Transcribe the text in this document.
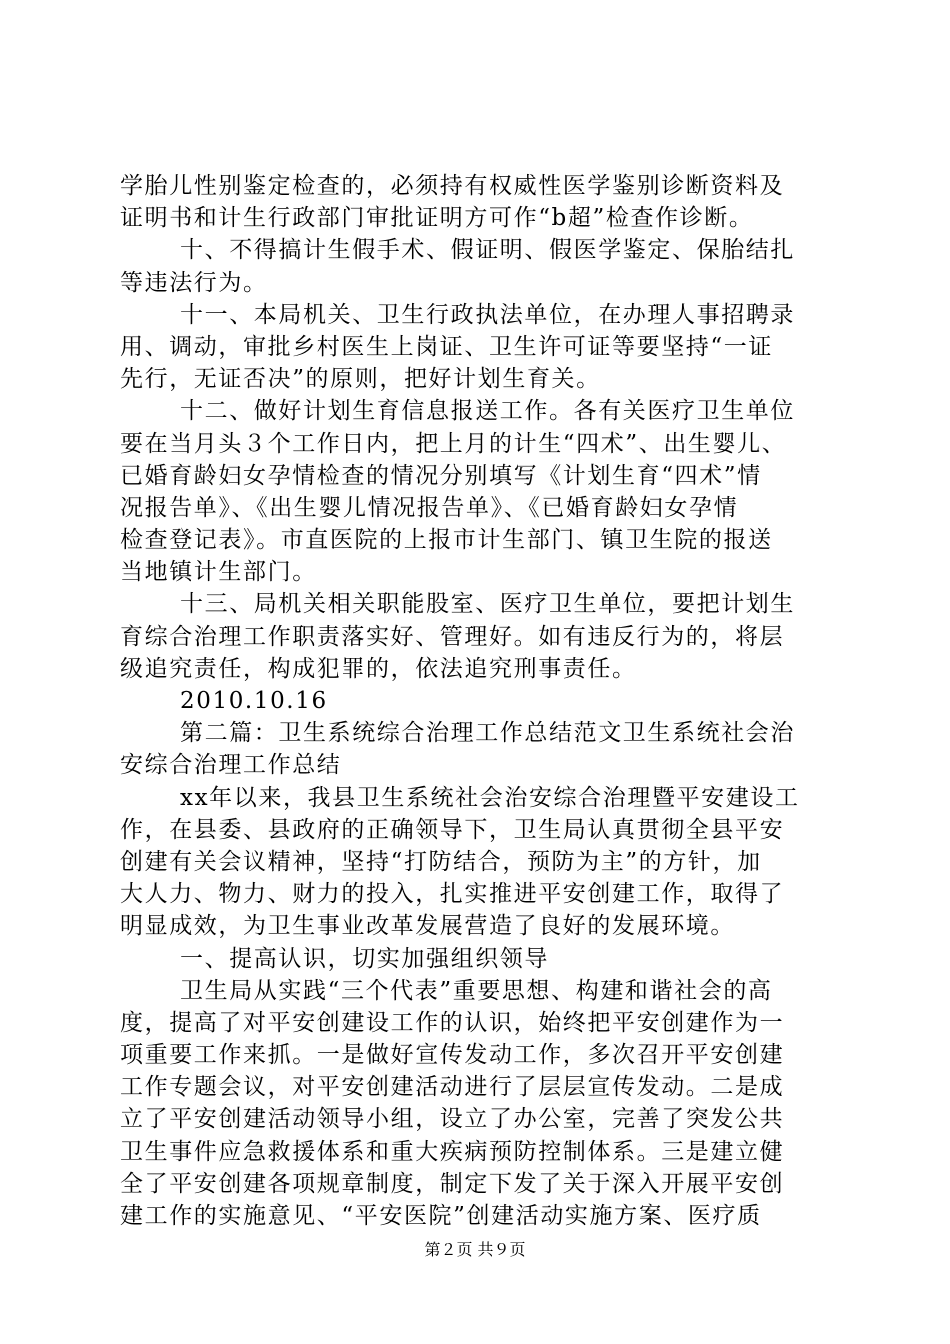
学胎儿性别鉴定检查的，必须持有权威性医学鉴别诊断资料及
证明书和计生行政部门审批证明方可作“b超”检查作诊断。
十、不得搞计生假手术、假证明、假医学鉴定、保胎结扎
等违法行为。
十一、本局机关、卫生行政执法单位，在办理人事招聘录
用、调动，审批乡村医生上岗证、卫生许可证等要坚持“一证
先行，无证否决”的原则，把好计划生育关。
十二、做好计划生育信息报送工作。各有关医疗卫生单位
要在当月头３个工作日内，把上月的计生“四术”、出生婴儿、
已婚育龄妇女孕情检查的情况分别填写《计划生育“四术”情
况报告单》、《出生婴儿情况报告单》、《已婚育龄妇女孕情
检查登记表》。市直医院的上报市计生部门、镇卫生院的报送
当地镇计生部门。
十三、局机关相关职能股室、医疗卫生单位，要把计划生
育综合治理工作职责落实好、管理好。如有违反行为的，将层
级追究责任，构成犯罪的，依法追究刑事责任。
2010.10.16
第二篇：卫生系统综合治理工作总结范文卫生系统社会治
安综合治理工作总结
xx年以来，我县卫生系统社会治安综合治理暨平安建设工
作，在县委、县政府的正确领导下，卫生局认真贯彻全县平安
创建有关会议精神，坚持“打防结合，预防为主”的方针，加
大人力、物力、财力的投入，扎实推进平安创建工作，取得了
明显成效，为卫生事业改革发展营造了良好的发展环境。
一、提高认识，切实加强组织领导
卫生局从实践“三个代表”重要思想、构建和谐社会的高
度，提高了对平安创建设工作的认识，始终把平安创建作为一
项重要工作来抓。一是做好宣传发动工作，多次召开平安创建
工作专题会议，对平安创建活动进行了层层宣传发动。二是成
立了平安创建活动领导小组，设立了办公室，完善了突发公共
卫生事件应急救援体系和重大疾病预防控制体系。三是建立健
全了平安创建各项规章制度，制定下发了关于深入开展平安创
建工作的实施意见、“平安医院”创建活动实施方案、医疗质
第２页 共９页
